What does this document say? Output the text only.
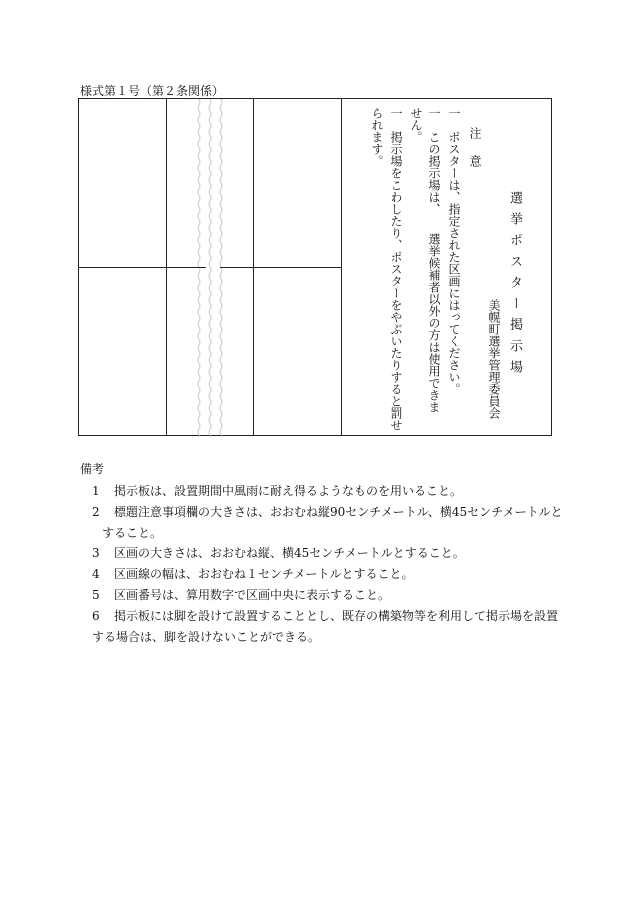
様式第１号（第２条関係）
選 挙 ポ ス タ ー 掲 示 場
美幌町選挙管理委員会
注　意
一　ポスターは、指定された区画にはってください。
一　この掲示場は、　　選挙候補者以外の方は使用できま
せん。
一　掲示場をこわしたり、ポスターをやぶいたりすると罰せ
られます。
備考
1 掲示板は、設置期間中風雨に耐え得るようなものを用いること。
2 標題注意事項欄の大きさは、おおむね縦90センチメートル、横45センチメートルと
すること。
3 区画の大きさは、おおむね縦、横45センチメートルとすること。
4 区画線の幅は、おおむね１センチメートルとすること。
5 区画番号は、算用数字で区画中央に表示すること。
6 掲示板には脚を設けて設置することとし、既存の構築物等を利用して掲示場を設置
する場合は、脚を設けないことができる。
